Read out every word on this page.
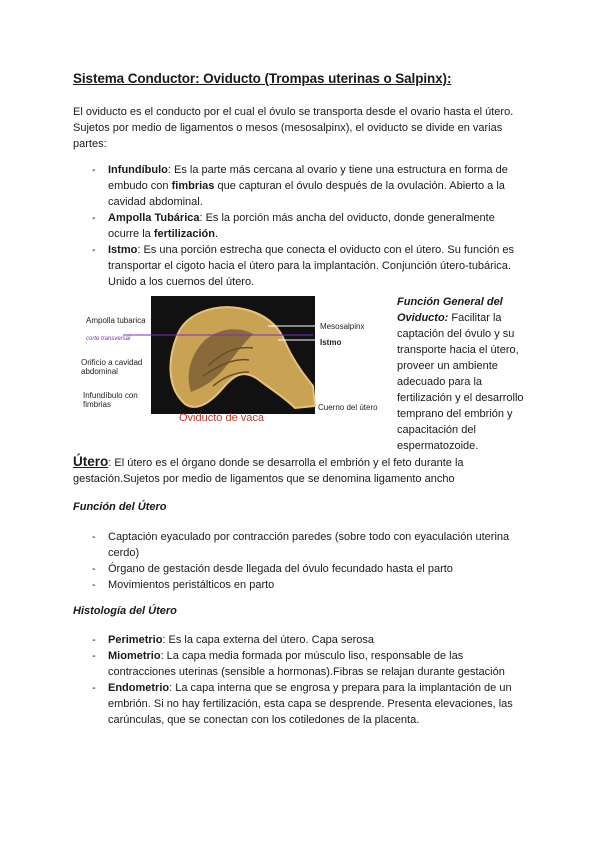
Sistema Conductor: Oviducto (Trompas uterinas o Salpinx):
El oviducto es el conducto por el cual el óvulo se transporta desde el ovario hasta el útero. Sujetos por medio de ligamentos o mesos (mesosalpinx), el oviducto se divide en varias partes:
- Infundíbulo: Es la parte más cercana al ovario y tiene una estructura en forma de embudo con fimbrias que capturan el óvulo después de la ovulación. Abierto a la cavidad abdominal.
- Ampolla Tubárica: Es la porción más ancha del oviducto, donde generalmente ocurre la fertilización.
- Istmo: Es una porción estrecha que conecta el oviducto con el útero. Su función es transportar el cigoto hacia el útero para la implantación. Conjunción útero-tubárica. Unido a los cuernos del útero.
Ampolla tubarica
corte transversal
Orificio a cavidad abdominal
Infundíbulo con fimbrias
Mesosalpinx
Istmo
Cuerno del útero
Oviducto de vaca
Función General del Oviducto: Facilitar la captación del óvulo y su transporte hacia el útero, proveer un ambiente adecuado para la fertilización y el desarrollo temprano del embrión y capacitación del espermatozoide.
Útero: El útero es el órgano donde se desarrolla el embrión y el feto durante la gestación.Sujetos por medio de ligamentos que se denomina ligamento ancho
Función del Útero
- Captación eyaculado por contracción paredes (sobre todo con eyaculación uterina cerdo)
- Órgano de gestación desde llegada del óvulo fecundado hasta el parto
- Movimientos peristálticos en parto
Histología del Útero
- Perimetrio: Es la capa externa del útero. Capa serosa
- Miometrio: La capa media formada por músculo liso, responsable de las contracciones uterinas (sensible a hormonas).Fibras se relajan durante gestación
- Endometrio: La capa interna que se engrosa y prepara para la implantación de un embrión. Si no hay fertilización, esta capa se desprende. Presenta elevaciones, las carúnculas, que se conectan con los cotiledones de la placenta.
